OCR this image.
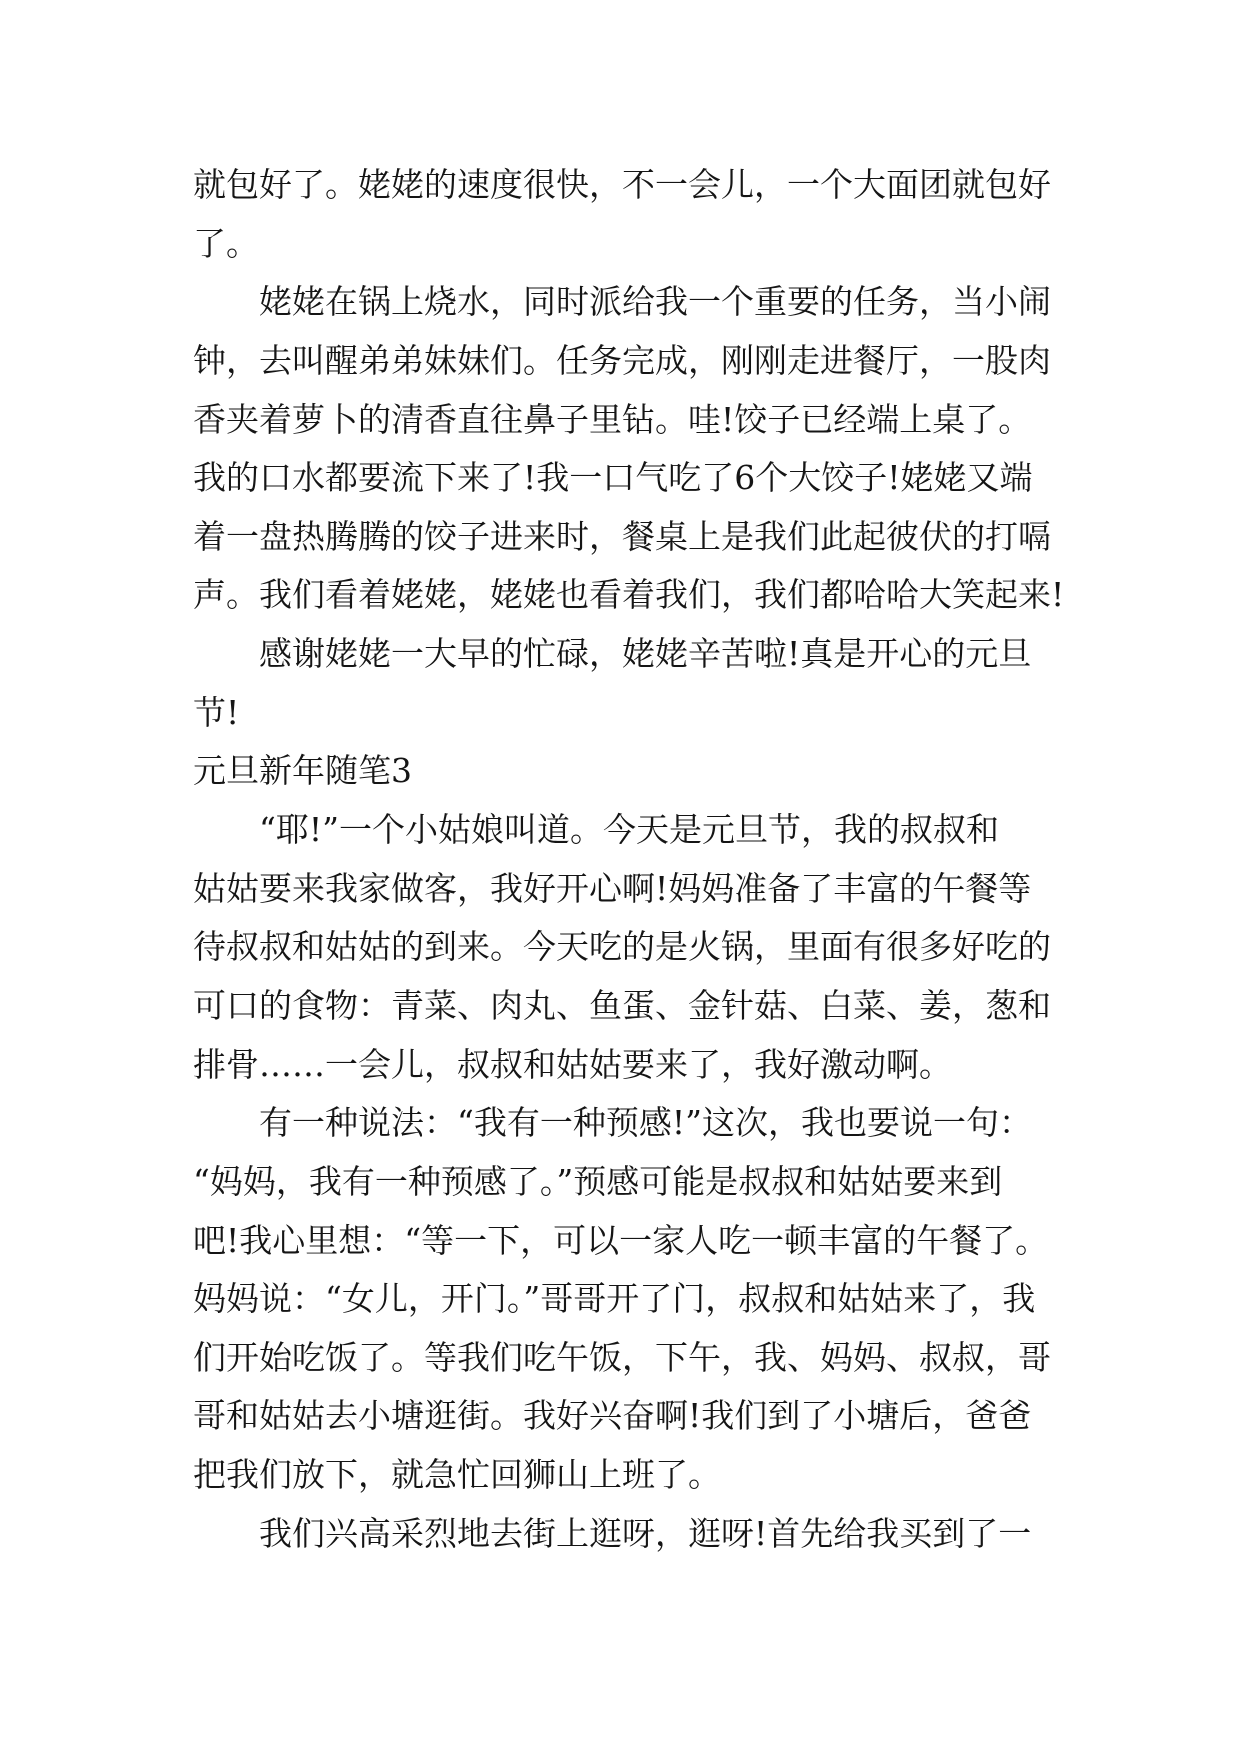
就包好了。姥姥的速度很快，不一会儿，一个大面团就包好
了。
姥姥在锅上烧水，同时派给我一个重要的任务，当小闹
钟，去叫醒弟弟妹妹们。任务完成，刚刚走进餐厅，一股肉
香夹着萝卜的清香直往鼻子里钻。哇!饺子已经端上桌了。
我的口水都要流下来了!我一口气吃了6个大饺子!姥姥又端
着一盘热腾腾的饺子进来时，餐桌上是我们此起彼伏的打嗝
声。我们看着姥姥，姥姥也看着我们，我们都哈哈大笑起来!
感谢姥姥一大早的忙碌，姥姥辛苦啦!真是开心的元旦
节!
元旦新年随笔3
“耶!”一个小姑娘叫道。今天是元旦节，我的叔叔和
姑姑要来我家做客，我好开心啊!妈妈准备了丰富的午餐等
待叔叔和姑姑的到来。今天吃的是火锅，里面有很多好吃的
可口的食物：青菜、肉丸、鱼蛋、金针菇、白菜、姜，葱和
排骨……一会儿，叔叔和姑姑要来了，我好激动啊。
有一种说法：“我有一种预感!”这次，我也要说一句：
“妈妈，我有一种预感了。”预感可能是叔叔和姑姑要来到
吧!我心里想：“等一下，可以一家人吃一顿丰富的午餐了。
妈妈说：“女儿，开门。”哥哥开了门，叔叔和姑姑来了，我
们开始吃饭了。等我们吃午饭，下午，我、妈妈、叔叔，哥
哥和姑姑去小塘逛街。我好兴奋啊!我们到了小塘后，爸爸
把我们放下，就急忙回狮山上班了。
我们兴高采烈地去街上逛呀，逛呀!首先给我买到了一
